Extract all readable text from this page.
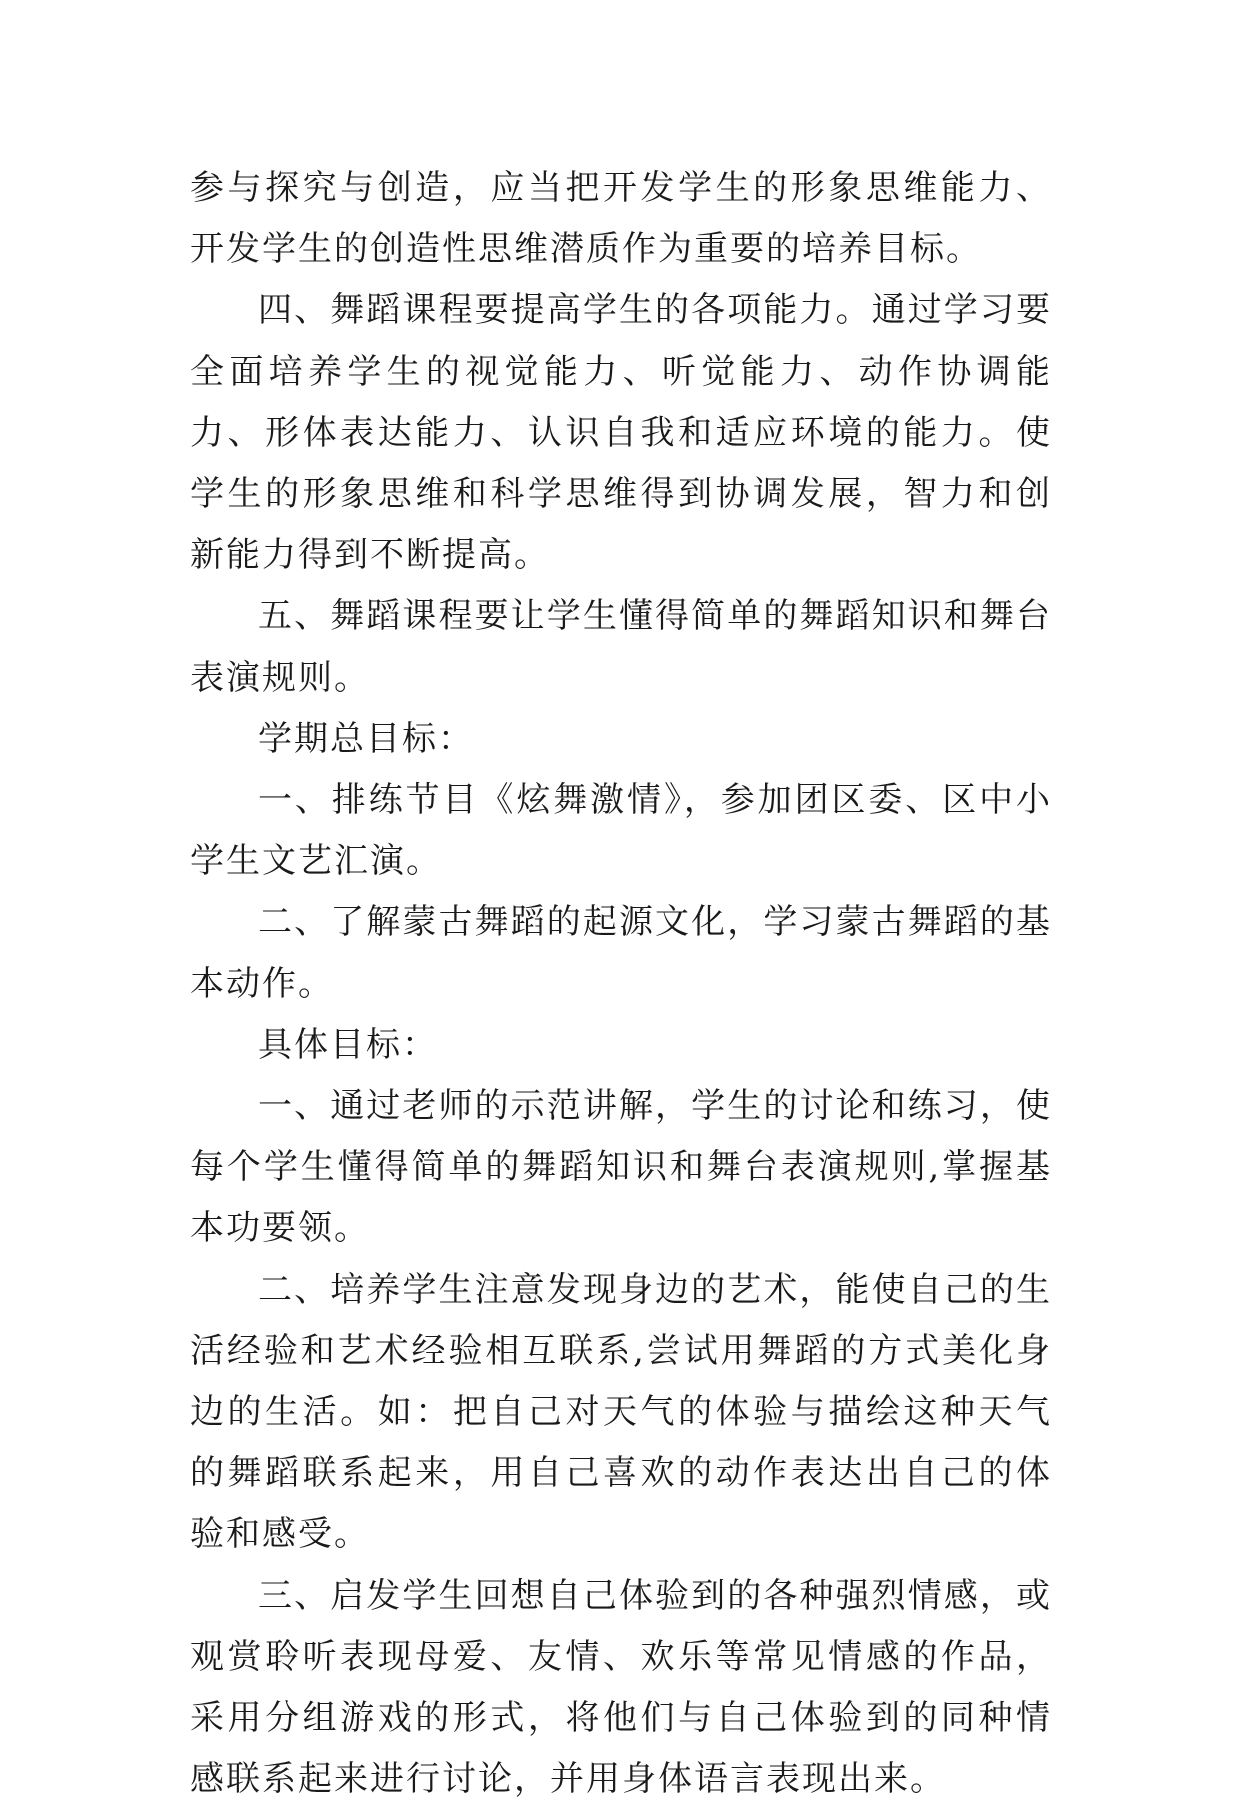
参与探究与创造，应当把开发学生的形象思维能力、开发学生的创造性思维潜质作为重要的培养目标。

四、舞蹈课程要提高学生的各项能力。通过学习要全面培养学生的视觉能力、听觉能力、动作协调能力、形体表达能力、认识自我和适应环境的能力。使学生的形象思维和科学思维得到协调发展，智力和创新能力得到不断提高。

五、舞蹈课程要让学生懂得简单的舞蹈知识和舞台表演规则。

学期总目标：

一、排练节目《炫舞激情》，参加团区委、区中小学生文艺汇演。

二、了解蒙古舞蹈的起源文化，学习蒙古舞蹈的基本动作。

具体目标：

一、通过老师的示范讲解，学生的讨论和练习，使每个学生懂得简单的舞蹈知识和舞台表演规则,掌握基本功要领。

二、培养学生注意发现身边的艺术，能使自己的生活经验和艺术经验相互联系,尝试用舞蹈的方式美化身边的生活。如：把自己对天气的体验与描绘这种天气的舞蹈联系起来，用自己喜欢的动作表达出自己的体验和感受。

三、启发学生回想自己体验到的各种强烈情感，或观赏聆听表现母爱、友情、欢乐等常见情感的作品，采用分组游戏的形式，将他们与自己体验到的同种情感联系起来进行讨论，并用身体语言表现出来。
